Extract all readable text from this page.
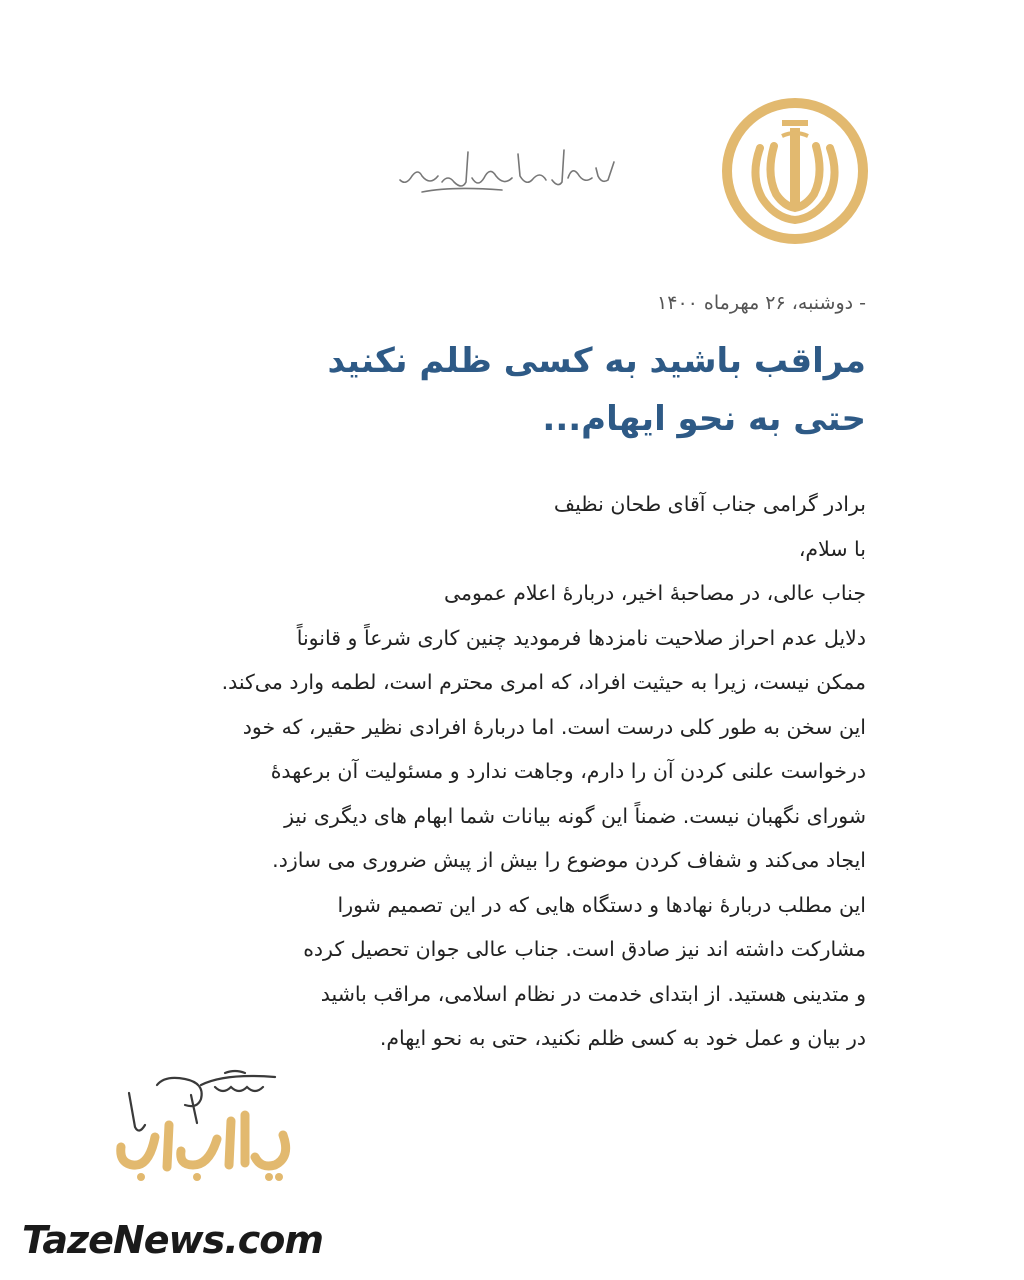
- دوشنبه، ۲۶ مهرماه ۱۴۰۰
مراقب باشید به کسی ظلم نکنید
حتی به نحو ایهام...
برادر گرامی جناب آقای طحان نظیف
با سلام،
جناب عالی، در مصاحبهٔ اخیر، دربارهٔ اعلام عمومی
دلایل عدم احراز صلاحیت نامزدها فرمودید چنین کاری شرعاً و قانوناً
ممکن نیست، زیرا به حیثیت افراد، که امری محترم است، لطمه وارد می‌کند.
این سخن به طور کلی درست است. اما دربارهٔ افرادی نظیر حقیر، که خود
درخواست علنی کردن آن را دارم، وجاهت ندارد و مسئولیت آن برعهدهٔ
شورای نگهبان نیست. ضمناً این گونه بیانات شما ابهام های دیگری نیز
ایجاد می‌کند و شفاف کردن موضوع را بیش از پیش ضروری می سازد.
این مطلب دربارهٔ نهادها و دستگاه هایی که در این تصمیم شورا
مشارکت داشته اند نیز صادق است. جناب عالی جوان تحصیل کرده
و متدینی هستید. از ابتدای خدمت در نظام اسلامی، مراقب باشید
در بیان و عمل خود به کسی ظلم نکنید، حتی به نحو ایهام.
TazeNews.com
